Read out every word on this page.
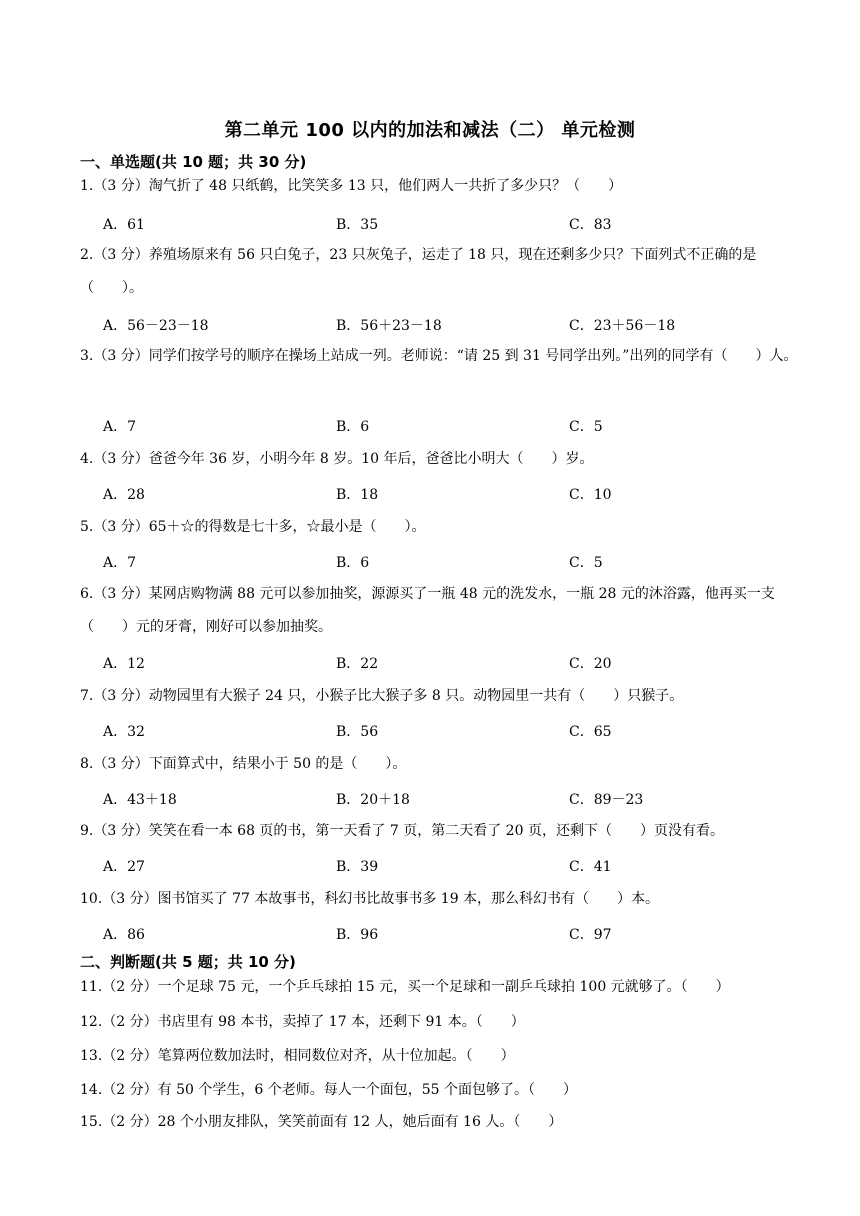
第二单元 100 以内的加法和减法（二） 单元检测
一、单选题(共 10 题；共 30 分)
1.（3 分）淘气折了 48 只纸鹤，比笑笑多 13 只，他们两人一共折了多少只？（　　）
A．61	B．35	C．83
2.（3 分）养殖场原来有 56 只白兔子，23 只灰兔子，运走了 18 只，现在还剩多少只？下面列式不正确的是（　　）。
A．56－23－18	B．56＋23－18	C．23＋56－18
3.（3 分）同学们按学号的顺序在操场上站成一列。老师说：“请 25 到 31 号同学出列。”出列的同学有（　　）人。
A．7	B．6	C．5
4.（3 分）爸爸今年 36 岁，小明今年 8 岁。10 年后，爸爸比小明大（　　）岁。
A．28	B．18	C．10
5.（3 分）65＋☆的得数是七十多，☆最小是（　　）。
A．7	B．6	C．5
6.（3 分）某网店购物满 88 元可以参加抽奖，源源买了一瓶 48 元的洗发水，一瓶 28 元的沐浴露，他再买一支（　　）元的牙膏，刚好可以参加抽奖。
A．12	B．22	C．20
7.（3 分）动物园里有大猴子 24 只，小猴子比大猴子多 8 只。动物园里一共有（　　）只猴子。
A．32	B．56	C．65
8.（3 分）下面算式中，结果小于 50 的是（　　）。
A．43＋18	B．20＋18	C．89－23
9.（3 分）笑笑在看一本 68 页的书，第一天看了 7 页，第二天看了 20 页，还剩下（　　）页没有看。
A．27	B．39	C．41
10.（3 分）图书馆买了 77 本故事书，科幻书比故事书多 19 本，那么科幻书有（　　）本。
A．86	B．96	C．97
二、判断题(共 5 题；共 10 分)
11.（2 分）一个足球 75 元，一个乒乓球拍 15 元，买一个足球和一副乒乓球拍 100 元就够了。（　　）
12.（2 分）书店里有 98 本书，卖掉了 17 本，还剩下 91 本。（　　）
13.（2 分）笔算两位数加法时，相同数位对齐，从十位加起。（　　）
14.（2 分）有 50 个学生，6 个老师。每人一个面包，55 个面包够了。（　　）
15.（2 分）28 个小朋友排队，笑笑前面有 12 人，她后面有 16 人。（　　）
